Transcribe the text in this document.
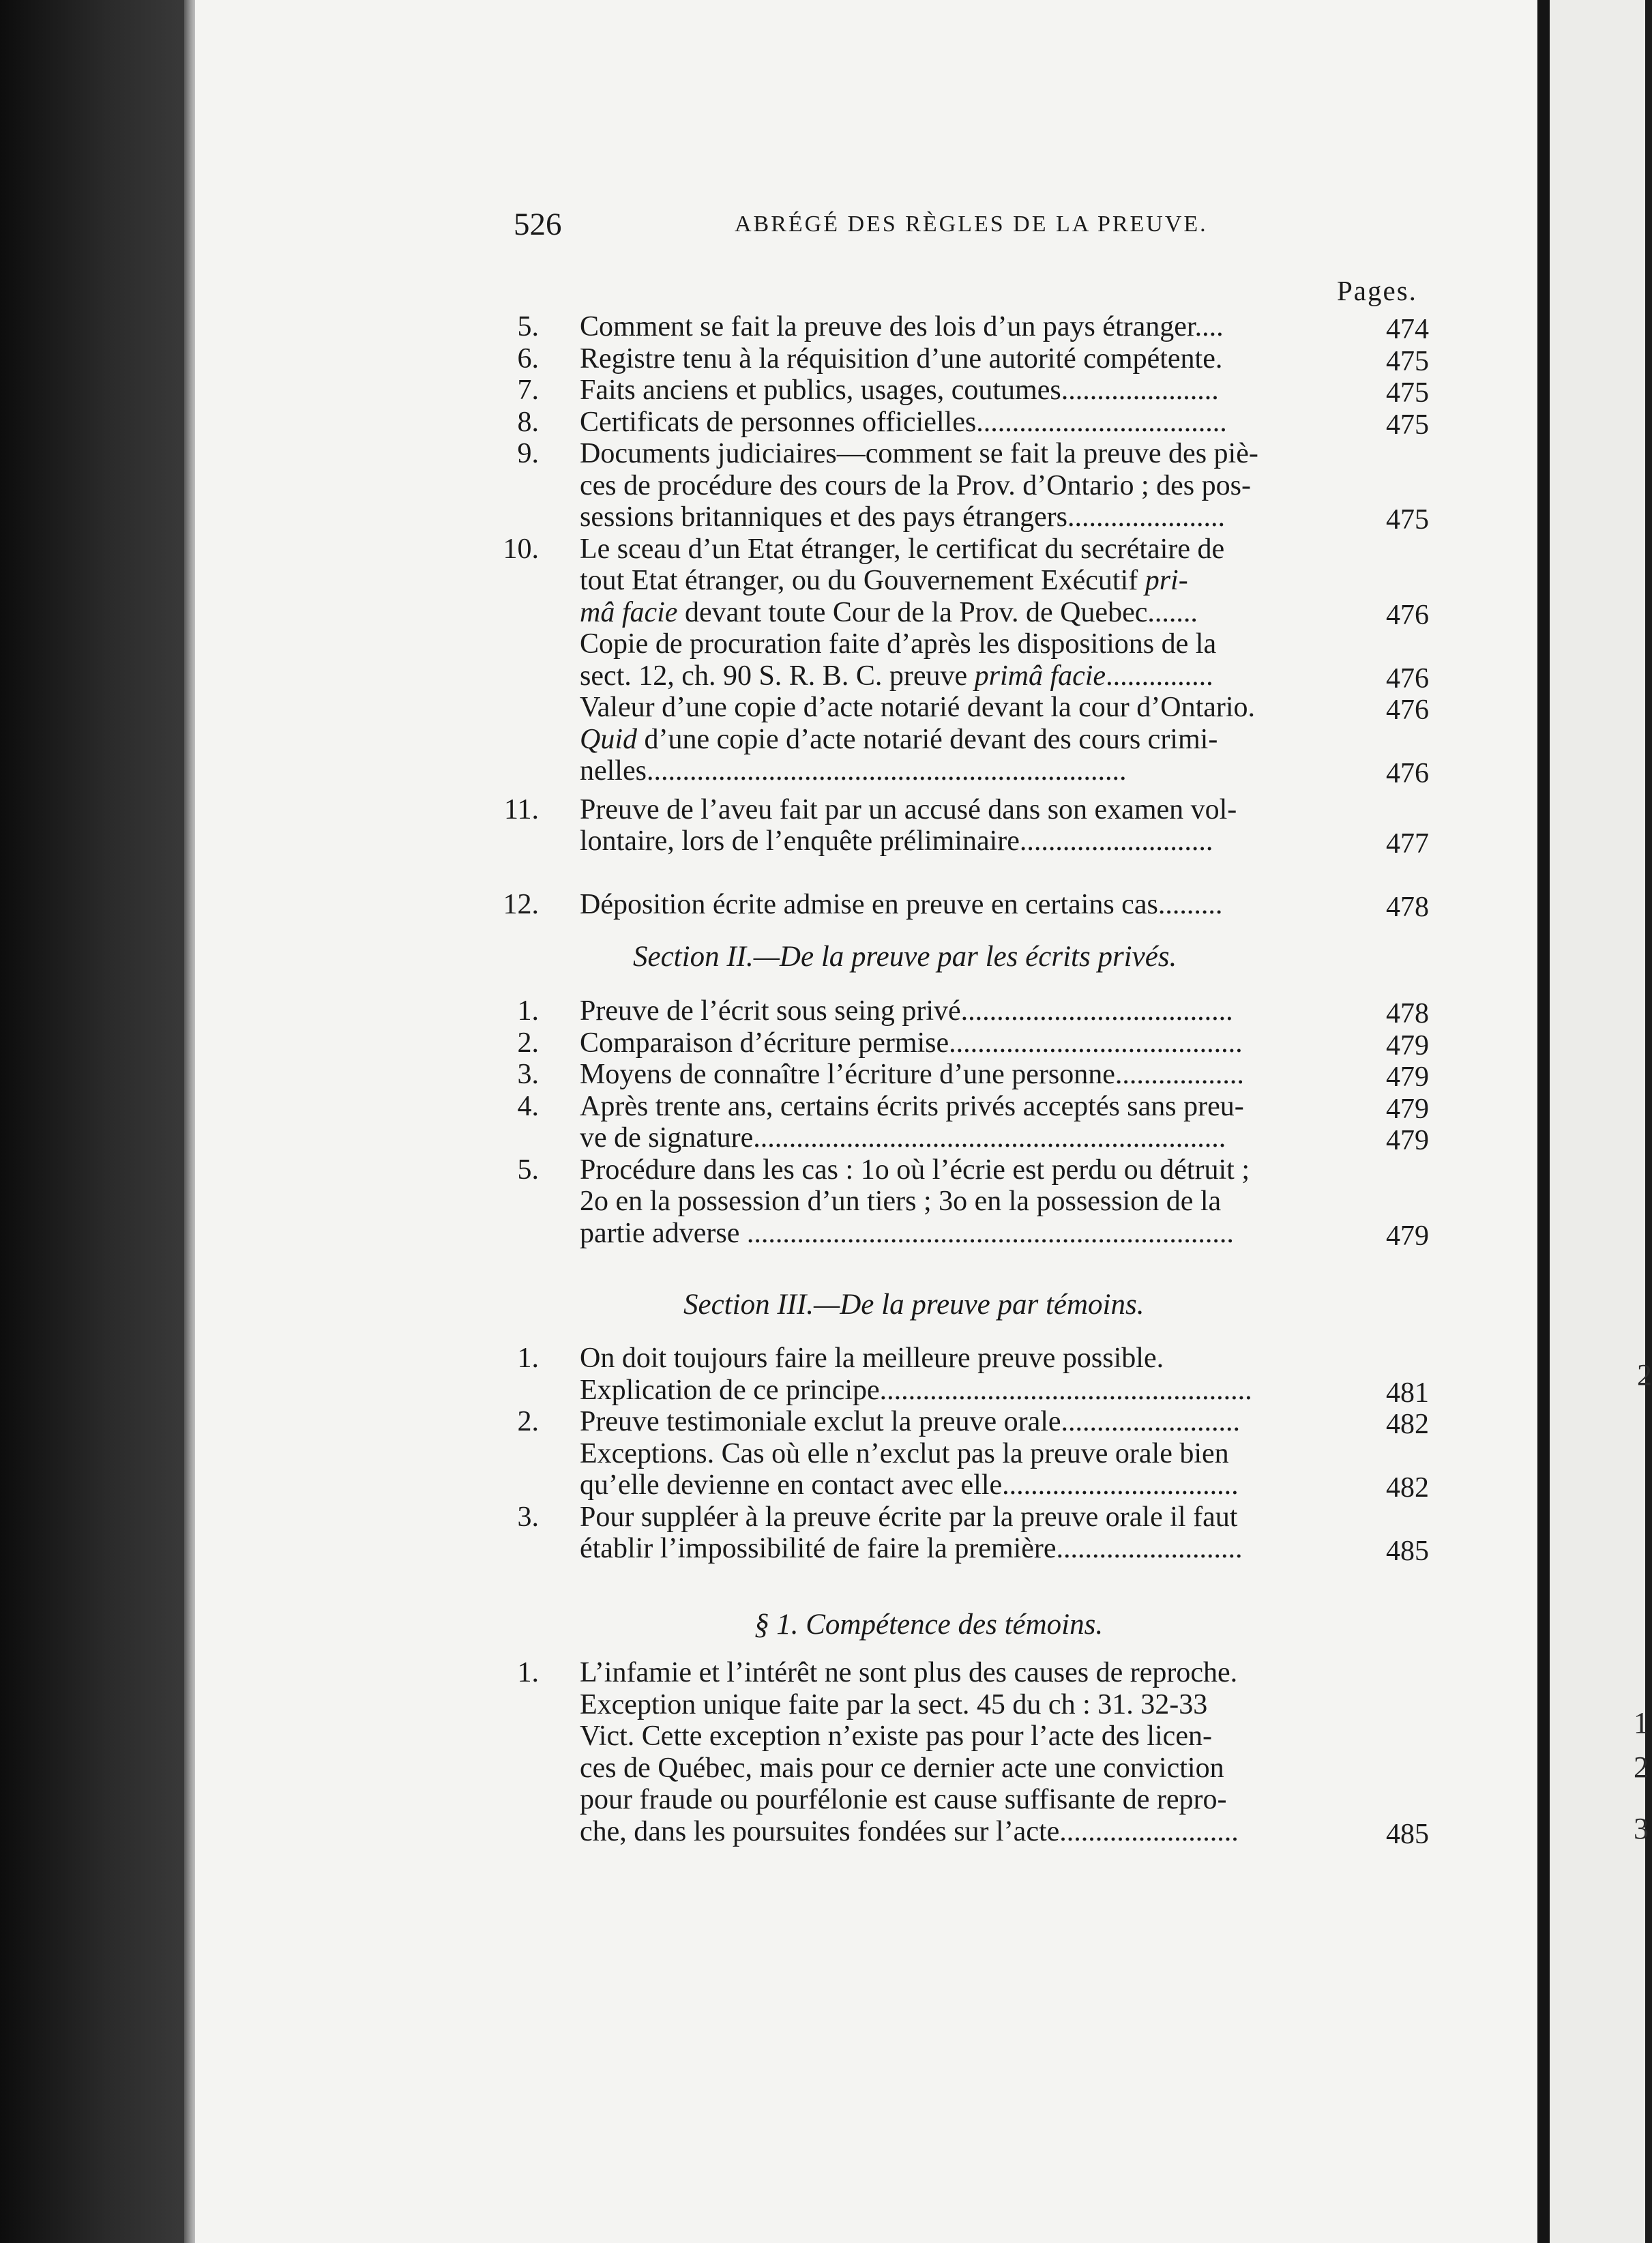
2
1
2
3
526	ABRÉGÉ DES RÈGLES DE LA PREUVE.
Pages.
5. Comment se fait la preuve des lois d’un pays étranger....	474
6. Registre tenu à la réquisition d’une autorité compétente.	475
7. Faits anciens et publics, usages, coutumes......................	475
8. Certificats de personnes officielles...................................	475
9. Documents judiciaires—comment se fait la preuve des piè-
ces de procédure des cours de la Prov. d’Ontario ; des pos-
sessions britanniques et des pays étrangers......................	475
10. Le sceau d’un Etat étranger, le certificat du secrétaire de
tout Etat étranger, ou du Gouvernement Exécutif pri-
mâ facie devant toute Cour de la Prov. de Quebec.......	476
Copie de procuration faite d’après les dispositions de la
sect. 12, ch. 90 S. R. B. C. preuve primâ facie...............	476
Valeur d’une copie d’acte notarié devant la cour d’Ontario.	476
Quid d’une copie d’acte notarié devant des cours crimi-
nelles...................................................................	476
11. Preuve de l’aveu fait par un accusé dans son examen vol-
lontaire, lors de l’enquête préliminaire...........................	477
12. Déposition écrite admise en preuve en certains cas.........	478
1. Preuve de l’écrit sous seing privé......................................	478
2. Comparaison d’écriture permise.........................................	479
3. Moyens de connaître l’écriture d’une personne..................	479
4. Après trente ans, certains écrits privés acceptés sans preu-	479
ve de signature..................................................................	479
5. Procédure dans les cas : 1o où l’écrie est perdu ou détruit ;
2o en la possession d’un tiers ; 3o en la possession de la
partie adverse ....................................................................	479
1. On doit toujours faire la meilleure preuve possible.
Explication de ce principe....................................................	481
2. Preuve testimoniale exclut la preuve orale.........................	482
Exceptions. Cas où elle n’exclut pas la preuve orale bien
qu’elle devienne en contact avec elle.................................	482
3. Pour suppléer à la preuve écrite par la preuve orale il faut
établir l’impossibilité de faire la première..........................	485
1. L’infamie et l’intérêt ne sont plus des causes de reproche.
Exception unique faite par la sect. 45 du ch : 31. 32-33
Vict. Cette exception n’existe pas pour l’acte des licen-
ces de Québec, mais pour ce dernier acte une conviction
pour fraude ou pourfélonie est cause suffisante de repro-
che, dans les poursuites fondées sur l’acte.........................	485
Section II.—De la preuve par les écrits privés.
Section III.—De la preuve par témoins.
§ 1. Compétence des témoins.
